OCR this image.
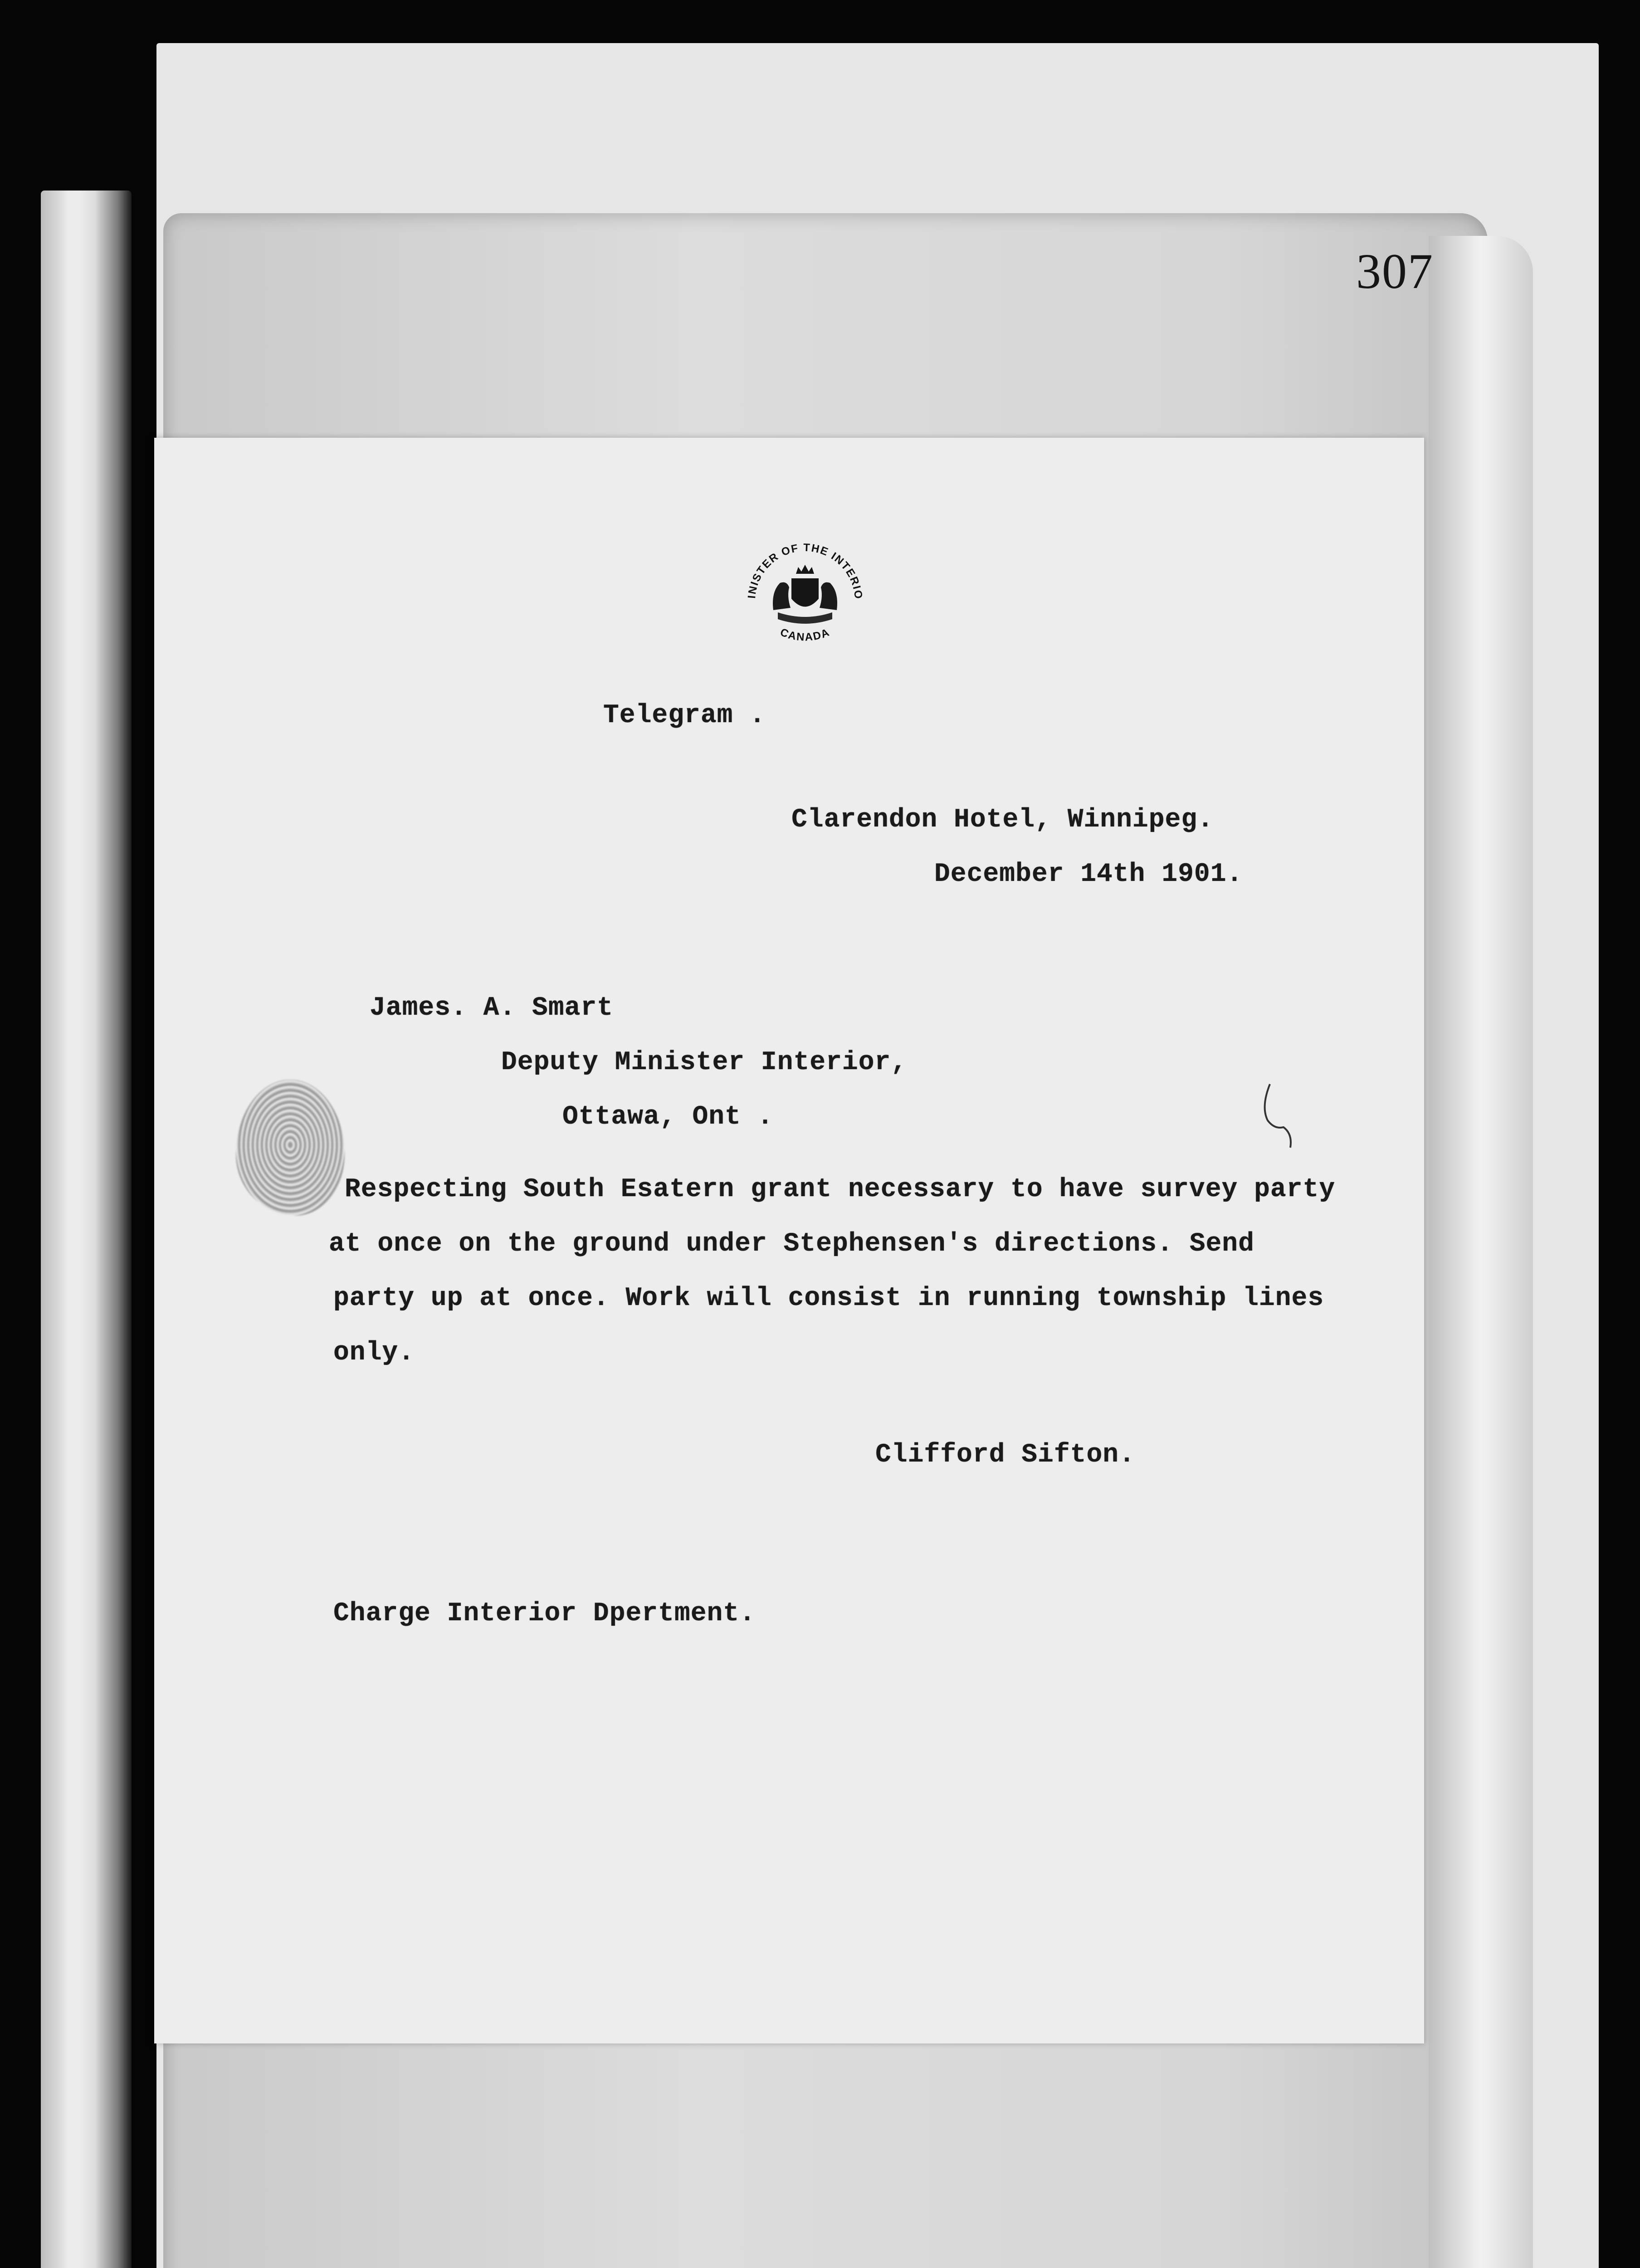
307
INISTER OF THE INTERIO
CANADA
Telegram .
Clarendon Hotel, Winnipeg.
December 14th 1901.
James. A. Smart
Deputy Minister Interior,
Ottawa, Ont .
Respecting South Esatern grant necessary to have survey party
at once on the ground under Stephensen's directions. Send
party up at once. Work will consist in running township lines
only.
Clifford Sifton.
Charge Interior Dpertment.
